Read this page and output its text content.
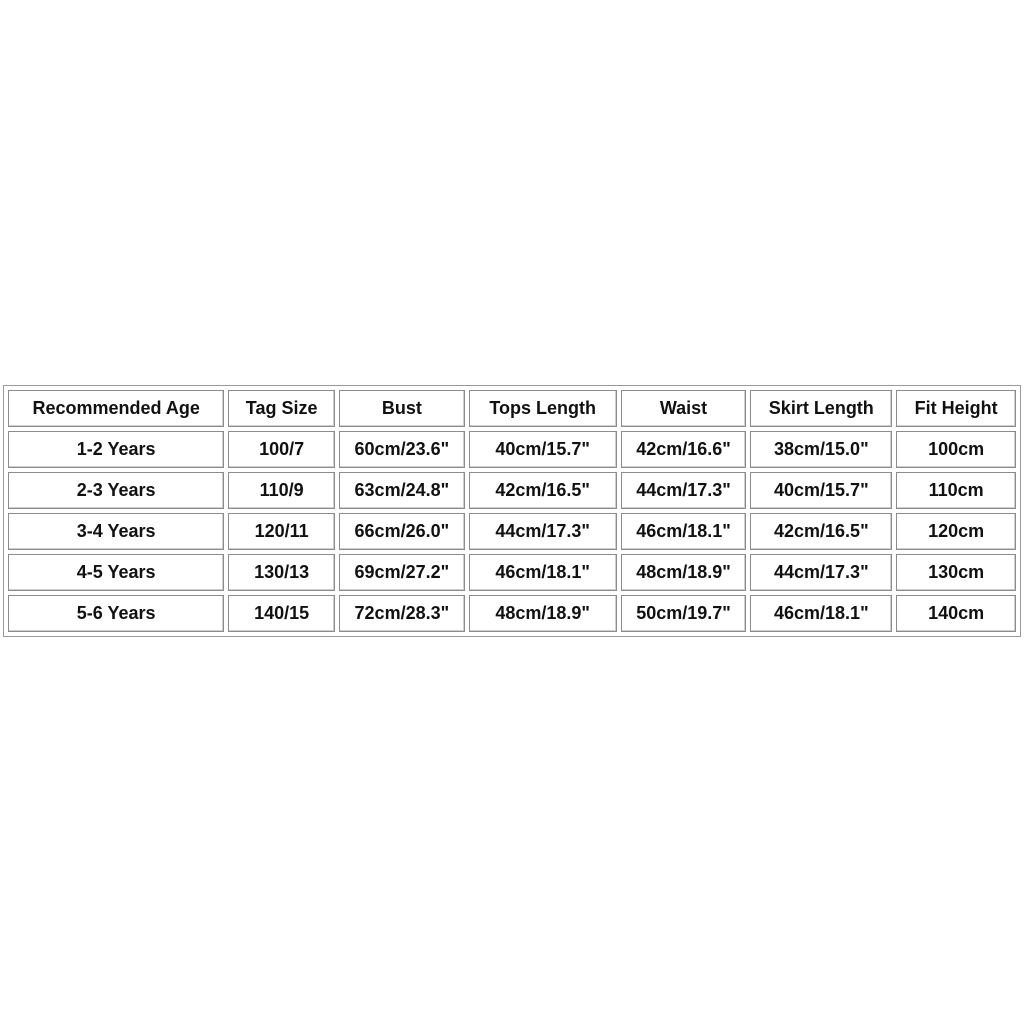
Recommended Age	Tag Size	Bust	Tops Length	Waist	Skirt Length	Fit Height
1-2 Years	100/7	60cm/23.6"	40cm/15.7"	42cm/16.6"	38cm/15.0"	100cm
2-3 Years	110/9	63cm/24.8"	42cm/16.5"	44cm/17.3"	40cm/15.7"	110cm
3-4 Years	120/11	66cm/26.0"	44cm/17.3"	46cm/18.1"	42cm/16.5"	120cm
4-5 Years	130/13	69cm/27.2"	46cm/18.1"	48cm/18.9"	44cm/17.3"	130cm
5-6 Years	140/15	72cm/28.3"	48cm/18.9"	50cm/19.7"	46cm/18.1"	140cm
